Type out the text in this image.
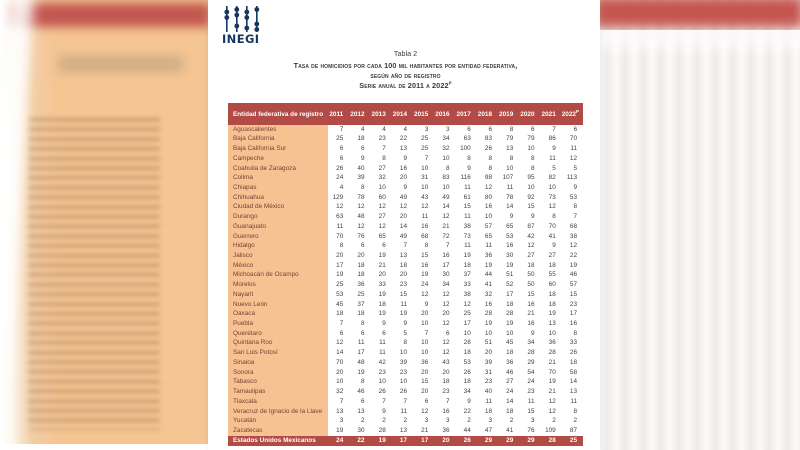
INEGI
Tabla 2
Tasa de homicidios por cada 100 mil habitantes por entidad federativa,
según año de registro
Serie anual de 2011 a $2022^P$
Entidad federativa de registro	2011	2012	2013	2014	2015	2016	2017	2018	2019	2020	2021	$2022^P$
Aguascalientes	7	4	4	4	3	3	6	6	8	6	7	6
Baja California	25	18	23	22	25	34	63	83	79	79	86	70
Baja California Sur	6	6	7	13	25	32	100	26	13	10	9	11
Campeche	6	9	8	9	7	10	8	8	8	8	11	12
Coahuila de Zaragoza	26	40	27	16	10	8	9	8	10	8	5	5
Colima	24	39	32	20	31	83	116	98	107	95	82	113
Chiapas	4	8	10	9	10	10	11	12	11	10	10	9
Chihuahua	129	78	60	49	43	49	61	80	78	92	73	53
Ciudad de México	12	12	12	12	12	14	15	16	14	15	12	8
Durango	63	48	27	20	11	12	11	10	9	9	8	7
Guanajuato	11	12	12	14	16	21	38	57	65	87	70	68
Guerrero	70	76	65	49	68	72	73	65	53	42	41	38
Hidalgo	8	6	6	7	8	7	11	11	16	12	9	12
Jalisco	20	20	19	13	15	16	19	36	30	27	27	22
México	17	18	21	18	16	17	18	19	19	18	18	19
Michoacán de Ocampo	19	18	20	20	19	30	37	44	51	50	55	46
Morelos	25	36	33	23	24	34	33	41	52	50	60	57
Nayarit	53	25	19	15	12	12	38	32	17	15	18	15
Nuevo León	45	37	18	11	9	12	12	16	18	16	18	23
Oaxaca	18	18	19	19	20	20	25	28	28	21	19	17
Puebla	7	8	9	9	10	12	17	19	19	16	13	16
Querétaro	6	6	6	5	7	6	10	10	10	9	10	8
Quintana Roo	12	11	11	8	10	12	28	51	45	34	36	33
San Luis Potosí	14	17	11	10	10	12	18	20	18	28	28	26
Sinaloa	70	48	42	39	36	43	53	39	36	29	21	18
Sonora	20	19	23	23	20	20	26	31	46	54	70	58
Tabasco	10	8	10	10	15	18	18	23	27	24	19	14
Tamaulipas	32	46	26	26	20	23	34	40	24	23	21	13
Tlaxcala	7	6	7	7	6	7	9	11	14	11	12	11
Veracruz de Ignacio de la Llave	13	13	9	11	12	16	22	18	18	15	12	8
Yucatán	3	2	2	2	3	3	2	3	2	3	2	2
Zacatecas	19	30	28	13	21	36	44	47	41	76	109	87
Estados Unidos Mexicanos	24	22	19	17	17	20	26	29	29	29	28	25
